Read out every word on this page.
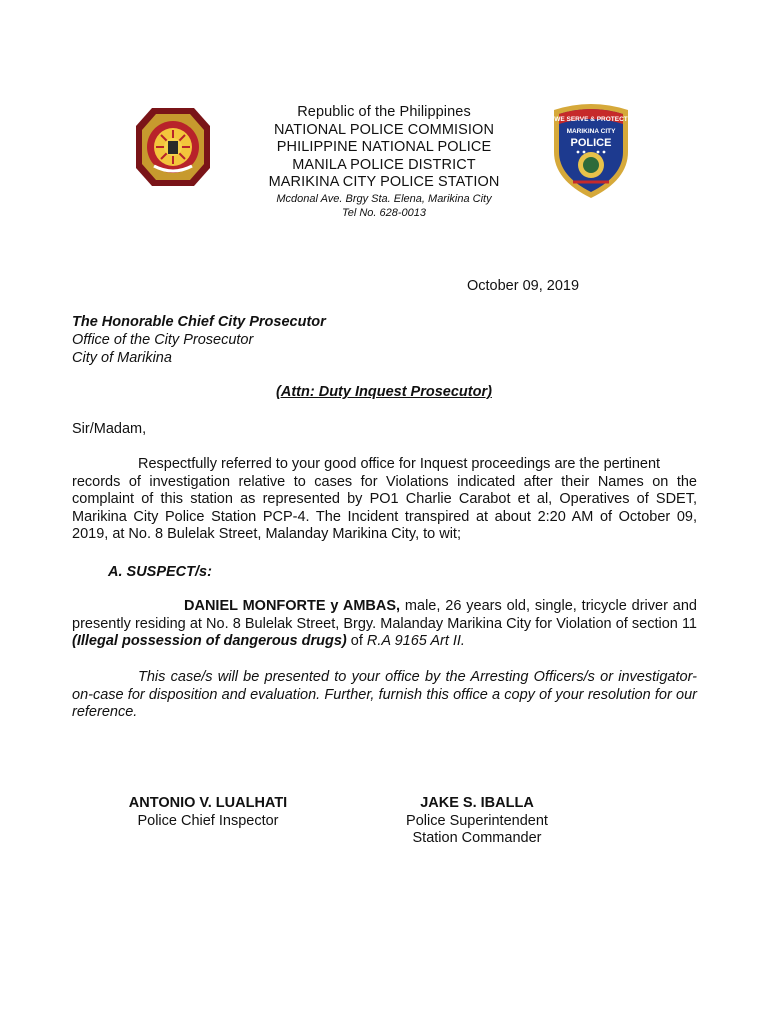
Republic of the Philippines
NATIONAL POLICE COMMISION
PHILIPPINE NATIONAL POLICE
MANILA POLICE DISTRICT
MARIKINA CITY POLICE STATION
Mcdonal Ave. Brgy Sta. Elena, Marikina City
Tel No. 628-0013
WE SERVE & PROTECT
MARIKINA CITY
POLICE
October 09, 2019
The Honorable Chief City Prosecutor
Office of the City Prosecutor
City of Marikina
(Attn: Duty Inquest Prosecutor)
Sir/Madam,
Respectfully referred to your good office for Inquest proceedings are the pertinent
records of investigation relative to cases for Violations indicated after their Names on the complaint of this station as represented by PO1 Charlie Carabot et al, Operatives of SDET, Marikina City Police Station PCP-4. The Incident transpired at about 2:20 AM of October 09, 2019, at No. 8 Bulelak Street, Malanday Marikina City, to wit;
A. SUSPECT/s:
DANIEL MONFORTE y AMBAS, male, 26 years old, single, tricycle driver and presently residing at No. 8 Bulelak Street, Brgy. Malanday Marikina City for Violation of section 11 (Illegal possession of dangerous drugs) of R.A 9165 Art II.
This case/s will be presented to your office by the Arresting Officers/s or investigator-on-case for disposition and evaluation. Further, furnish this office a copy of your resolution for our reference.
ANTONIO V. LUALHATI
Police Chief Inspector
JAKE S. IBALLA
Police Superintendent
Station Commander
